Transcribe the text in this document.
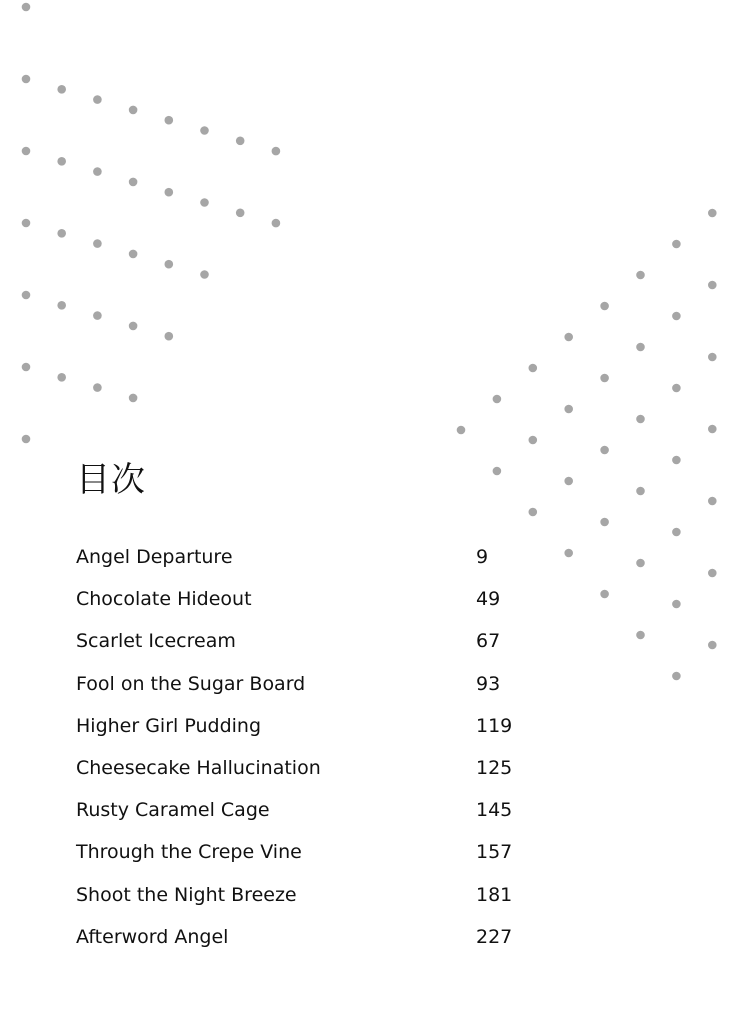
目次
Angel Departure	9
Chocolate Hideout	49
Scarlet Icecream	67
Fool on the Sugar Board	93
Higher Girl Pudding	119
Cheesecake Hallucination	125
Rusty Caramel Cage	145
Through the Crepe Vine	157
Shoot the Night Breeze	181
Afterword Angel	227
